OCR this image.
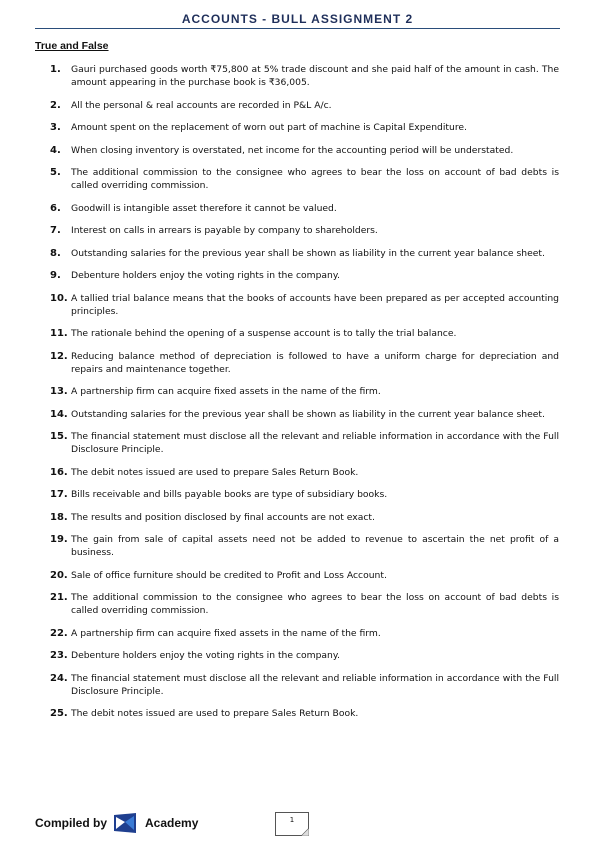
ACCOUNTS - BULL ASSIGNMENT 2
True and False
1.	Gauri purchased goods worth ₹75,800 at 5% trade discount and she paid half of the amount in cash. The amount appearing in the purchase book is ₹36,005.
2.	All the personal & real accounts are recorded in P&L A/c.
3.	Amount spent on the replacement of worn out part of machine is Capital Expenditure.
4.	When closing inventory is overstated, net income for the accounting period will be understated.
5.	The additional commission to the consignee who agrees to bear the loss on account of bad debts is called overriding commission.
6.	Goodwill is intangible asset therefore it cannot be valued.
7.	Interest on calls in arrears is payable by company to shareholders.
8.	Outstanding salaries for the previous year shall be shown as liability in the current year balance sheet.
9.	Debenture holders enjoy the voting rights in the company.
10. A tallied trial balance means that the books of accounts have been prepared as per accepted accounting principles.
11. The rationale behind the opening of a suspense account is to tally the trial balance.
12. Reducing balance method of depreciation is followed to have a uniform charge for depreciation and repairs and maintenance together.
13. A partnership firm can acquire fixed assets in the name of the firm.
14. Outstanding salaries for the previous year shall be shown as liability in the current year balance sheet.
15. The financial statement must disclose all the relevant and reliable information in accordance with the Full Disclosure Principle.
16. The debit notes issued are used to prepare Sales Return Book.
17. Bills receivable and bills payable books are type of subsidiary books.
18. The results and position disclosed by final accounts are not exact.
19. The gain from sale of capital assets need not be added to revenue to ascertain the net profit of a business.
20. Sale of office furniture should be credited to Profit and Loss Account.
21. The additional commission to the consignee who agrees to bear the loss on account of bad debts is called overriding commission.
22. A partnership firm can acquire fixed assets in the name of the firm.
23. Debenture holders enjoy the voting rights in the company.
24. The financial statement must disclose all the relevant and reliable information in accordance with the Full Disclosure Principle.
25. The debit notes issued are used to prepare Sales Return Book.
Compiled by	Academy	1
